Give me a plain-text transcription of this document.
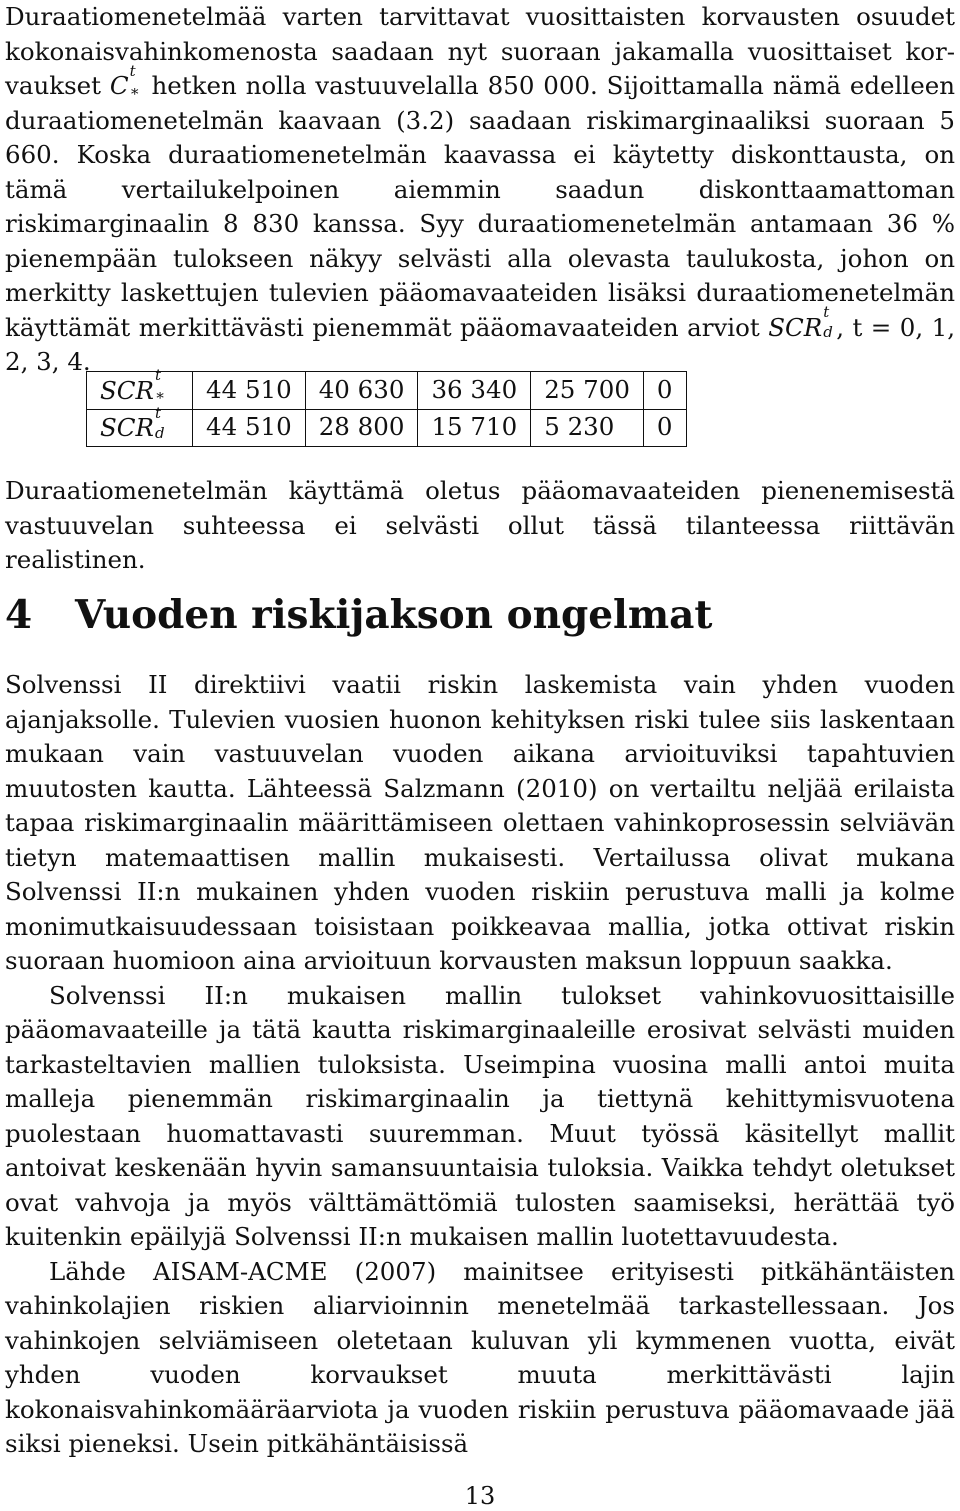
Duraatiomenetelmää varten tarvittavat vuosittaisten korvausten osuudet kokonaisvahinkomenosta saadaan nyt suoraan jakamalla vuosittaiset kor- vaukset C
t
∗ hetken nolla vastuuvelalla 850 000. Sijoittamalla nämä edelleen duraatiomenetelmän kaavaan (3.2) saadaan riskimarginaaliksi suoraan 5 660. Koska duraatiomenetelmän kaavassa ei käytetty diskonttausta, on tämä vertailukelpoinen aiemmin saadun diskonttaamattoman riskimarginaalin 8 830 kanssa. Syy duraatiomenetelmän antamaan 36 % pienempään tulokseen näkyy selvästi alla olevasta taulukosta, johon on merkitty laskettujen tulevien pääomavaateiden lisäksi duraatiomenetelmän käyttämät merkittävästi pienemmät pääomavaateiden arviot SCR
t
d , t = 0, 1, 2, 3, 4.

SCR
t
∗	44 510	40 630	36 340	25 700	0
SCR
t
d	44 510	28 800	15 710	5 230	0

Duraatiomenetelmän käyttämä oletus pääomavaateiden pienenemisestä vastuuvelan suhteessa ei selvästi ollut tässä tilanteessa riittävän realistinen.

4 Vuoden riskijakson ongelmat

Solvenssi II direktiivi vaatii riskin laskemista vain yhden vuoden ajanjaksolle. Tulevien vuosien huonon kehityksen riski tulee siis laskentaan mukaan vain vastuuvelan vuoden aikana arvioituviksi tapahtuvien muutosten kautta. Lähteessä Salzmann (2010) on vertailtu neljää erilaista tapaa riskimarginaalin määrittämiseen olettaen vahinkoprosessin selviävän tietyn matemaattisen mallin mukaisesti. Vertailussa olivat mukana Solvenssi II:n mukainen yhden vuoden riskiin perustuva malli ja kolme monimutkaisuudessaan toisistaan poikkeavaa mallia, jotka ottivat riskin suoraan huomioon aina arvioituun korvausten maksun loppuun saakka.

Solvenssi II:n mukaisen mallin tulokset vahinkovuosittaisille pääomavaateille ja tätä kautta riskimarginaaleille erosivat selvästi muiden tarkasteltavien mallien tuloksista. Useimpina vuosina malli antoi muita malleja pienemmän riskimarginaalin ja tiettynä kehittymisvuotena puolestaan huomattavasti suuremman. Muut työssä käsitellyt mallit antoivat keskenään hyvin samansuuntaisia tuloksia. Vaikka tehdyt oletukset ovat vahvoja ja myös välttämättömiä tulosten saamiseksi, herättää työ kuitenkin epäilyjä Solvenssi II:n mukaisen mallin luotettavuudesta.

Lähde AISAM-ACME (2007) mainitsee erityisesti pitkähäntäisten vahinkolajien riskien aliarvioinnin menetelmää tarkastellessaan. Jos vahinkojen selviämiseen oletetaan kuluvan yli kymmenen vuotta, eivät yhden vuoden korvaukset muuta merkittävästi lajin kokonaisvahinkomääräarviota ja vuoden riskiin perustuva pääomavaade jää siksi pieneksi. Usein pitkähäntäisissä

13
